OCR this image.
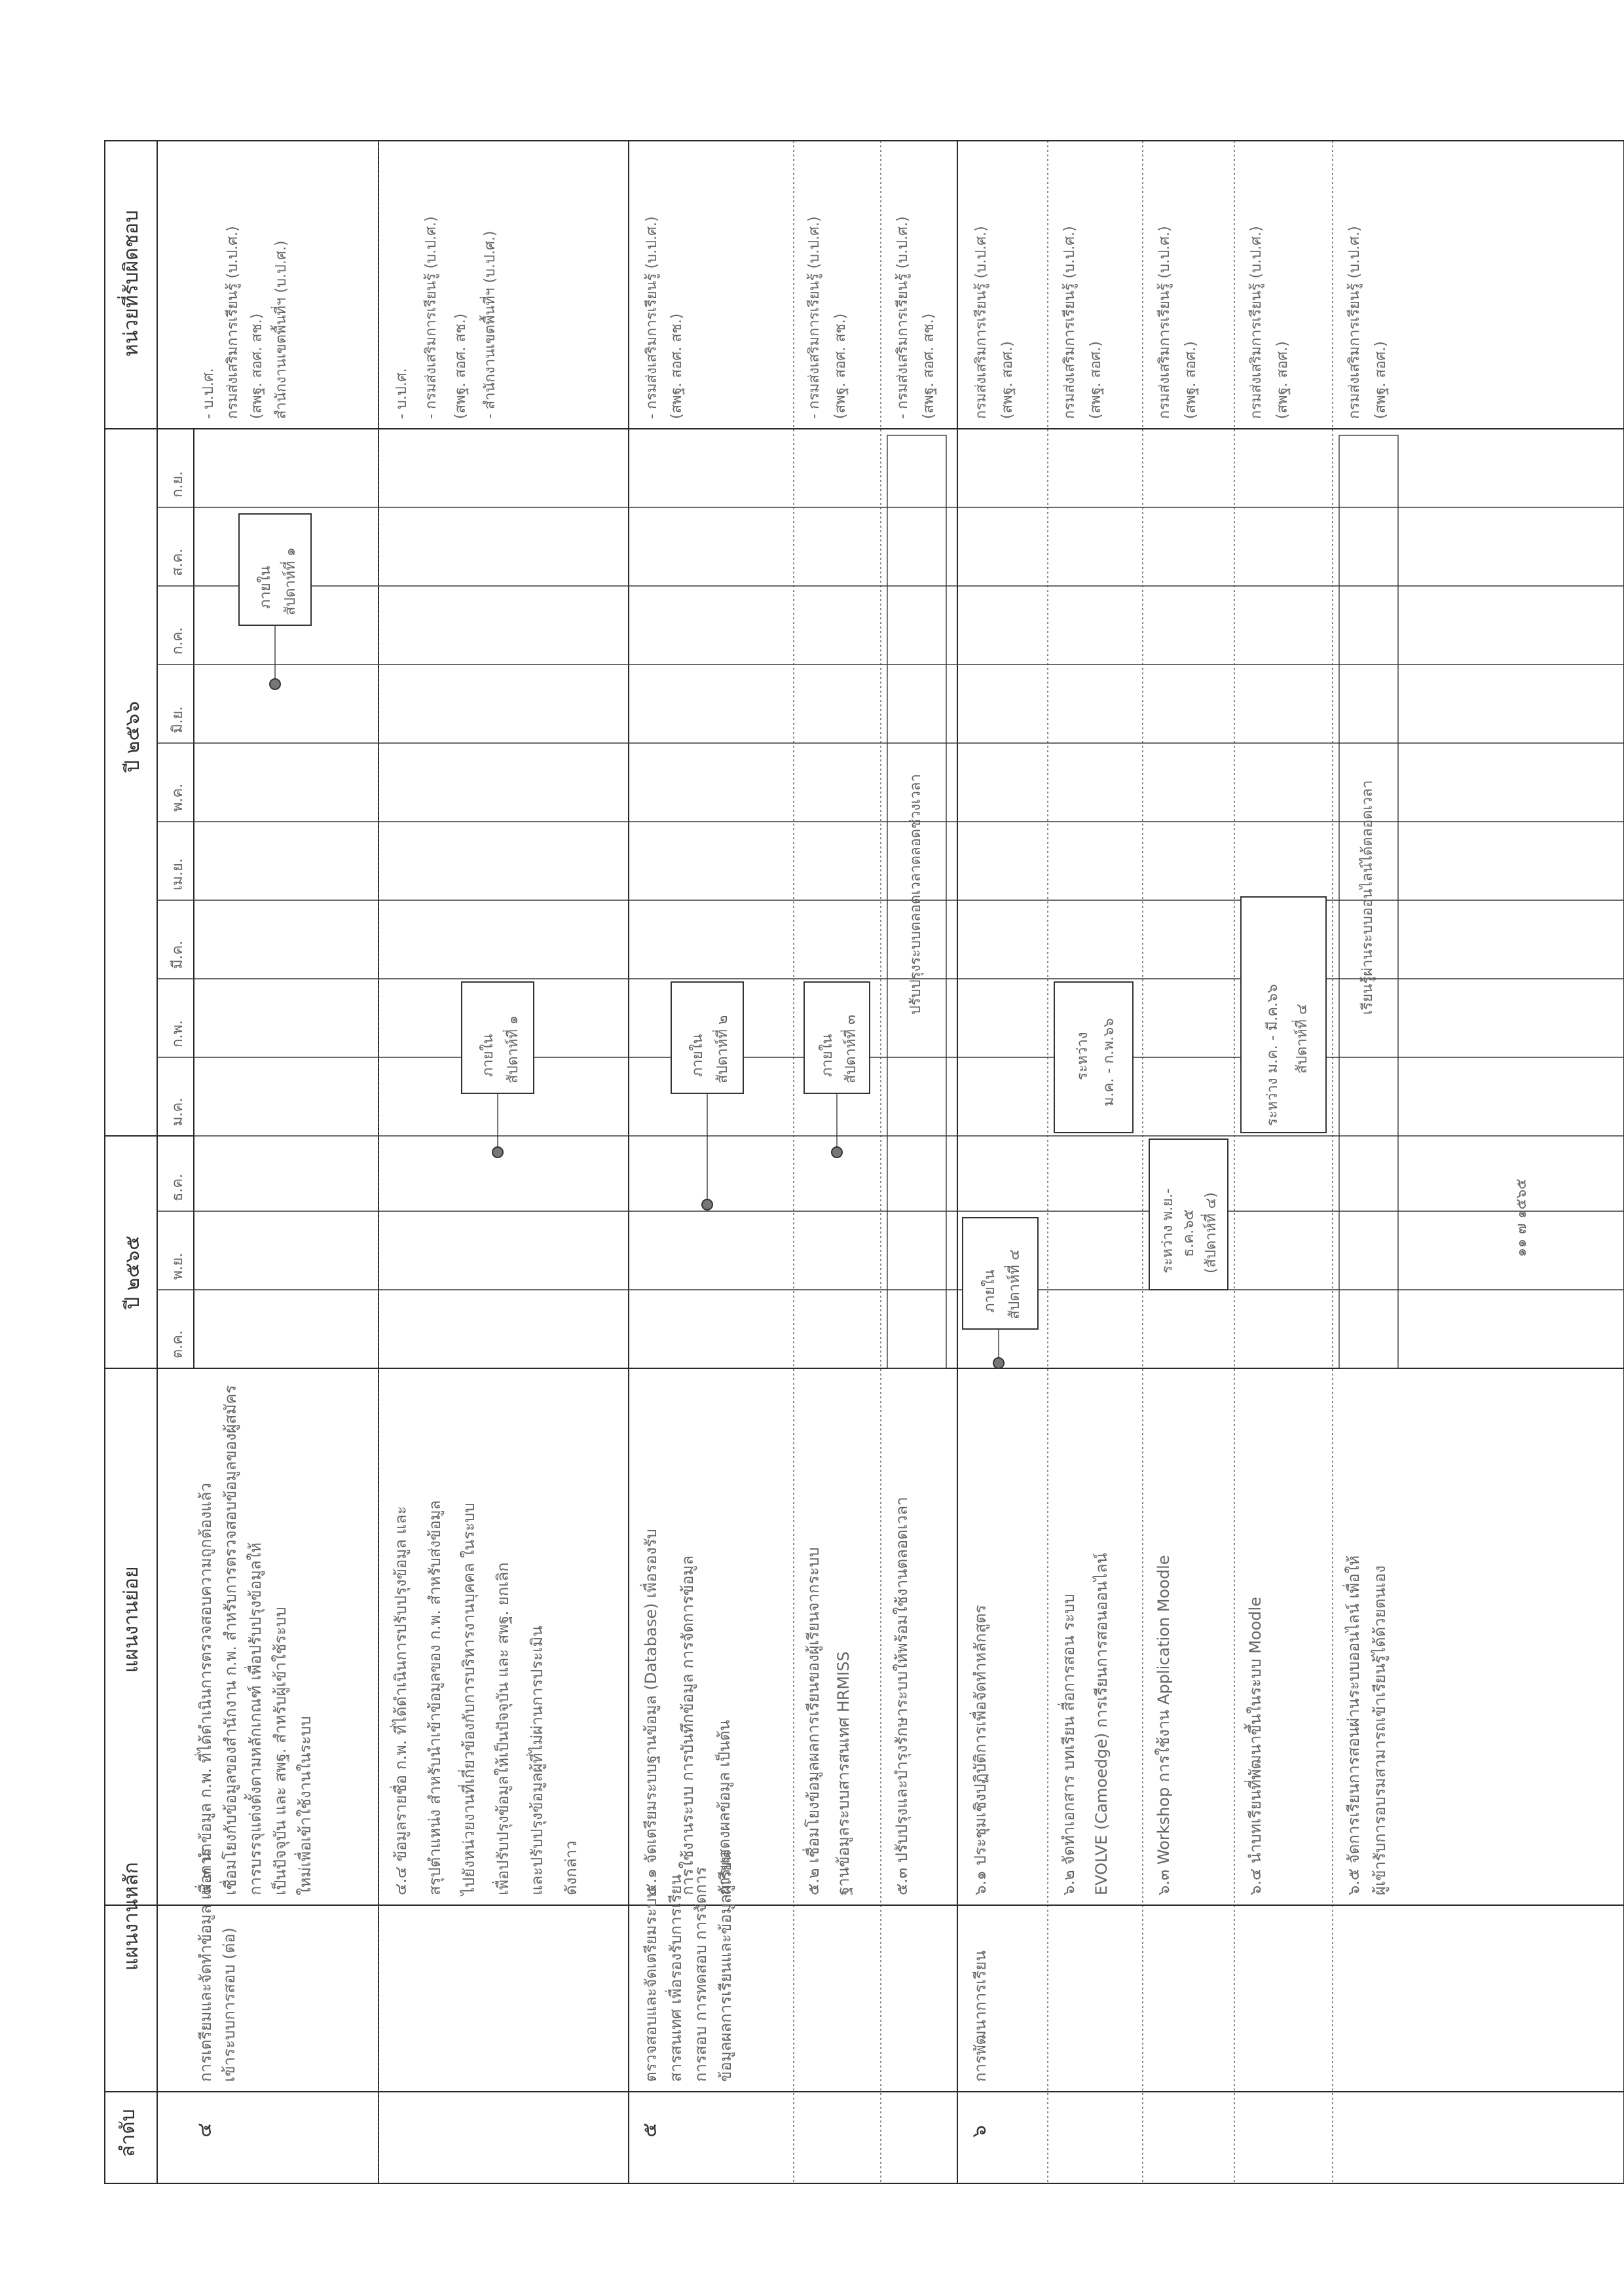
ลำดับ
แผนงานหลัก
แผนงานย่อย
ปี ๒๕๖๕
ปี ๒๕๖๖
หน่วยที่รับผิดชอบ
ต.ค.
พ.ย.
ธ.ค.
ม.ค.
ก.พ.
มี.ค.
เม.ย.
พ.ค.
มิ.ย.
ก.ค.
ส.ค.
ก.ย.
๔
การเตรียมและจัดทำข้อมูล เพื่อการ เข้าระบบการสอบ (ต่อ)
๔.๓ นำข้อมูล ก.พ. ที่ได้ดำเนินการตรวจสอบความถูกต้องแล้ว เชื่อมโยงกับข้อมูลของสำนักงาน ก.พ. สำหรับการตรวจสอบข้อมูลของผู้สมัคร การบรรจุแต่งตั้งตามหลักเกณฑ์ เพื่อปรับปรุงข้อมูลให้ เป็นปัจจุบัน และ สพฐ. สำหรับผู้เข้าใช้ระบบ ใหม่เพื่อเข้าใช้งานในระบบ
- บ.ป.ศ. กรมส่งเสริมการเรียนรู้ (บ.ป.ศ.) (สพฐ. สอศ. สช.) สำนักงานเขตพื้นที่ฯ (บ.ป.ศ.)
๔.๔ ข้อมูลรายชื่อ ก.พ. ที่ได้ดำเนินการปรับปรุงข้อมูล และ สรุปตำแหน่ง สำหรับนำเข้าข้อมูลของ ก.พ. สำหรับส่งข้อมูล ไปยังหน่วยงานที่เกี่ยวข้องกับการบริหารงานบุคคล ในระบบ เพื่อปรับปรุงข้อมูลให้เป็นปัจจุบัน และ สพฐ. ยกเลิก และปรับปรุงข้อมูลผู้ที่ไม่ผ่านการประเมิน ดังกล่าว
- บ.ป.ศ. - กรมส่งเสริมการเรียนรู้ (บ.ป.ศ.) (สพฐ. สอศ. สช.) - สำนักงานเขตพื้นที่ฯ (บ.ป.ศ.)
๕
ตรวจสอบและจัดเตรียมระบบ สารสนเทศ เพื่อรองรับการเรียน การสอบ การทดสอบ การจัดการ ข้อมูลผลการเรียนและข้อมูลผู้เรียน
๕.๑ จัดเตรียมระบบฐานข้อมูล (Database) เพื่อรองรับ การใช้งานระบบ การบันทึกข้อมูล การจัดการข้อมูล การแสดงผลข้อมูล เป็นต้น
- กรมส่งเสริมการเรียนรู้ (บ.ป.ศ.) (สพฐ. สอศ. สช.)
๕.๒ เชื่อมโยงข้อมูลผลการเรียนของผู้เรียนจากระบบ ฐานข้อมูลระบบสารสนเทศ HRMISS
- กรมส่งเสริมการเรียนรู้ (บ.ป.ศ.) (สพฐ. สอศ. สช.)
๕.๓ ปรับปรุงและบำรุงรักษาระบบให้พร้อมใช้งานตลอดเวลา
- กรมส่งเสริมการเรียนรู้ (บ.ป.ศ.) (สพฐ. สอศ. สช.)
๖
การพัฒนาการเรียน
๖.๑ ประชุมเชิงปฏิบัติการเพื่อจัดทำหลักสูตร
กรมส่งเสริมการเรียนรู้ (บ.ป.ศ.) (สพฐ. สอศ.)
๖.๒ จัดทำเอกสาร บทเรียน สื่อการสอน ระบบ EVOLVE (Camoedge) การเรียนการสอนออนไลน์
กรมส่งเสริมการเรียนรู้ (บ.ป.ศ.) (สพฐ. สอศ.)
๖.๓ Workshop การใช้งาน Application Moodle
กรมส่งเสริมการเรียนรู้ (บ.ป.ศ.) (สพฐ. สอศ.)
๖.๔ นำบทเรียนที่พัฒนาขึ้นในระบบ Moodle
กรมส่งเสริมการเรียนรู้ (บ.ป.ศ.) (สพฐ. สอศ.)
๖.๕ จัดการเรียนการสอนผ่านระบบออนไลน์ เพื่อให้ ผู้เข้ารับการอบรมสามารถเข้าเรียนรู้ได้ด้วยตนเอง
กรมส่งเสริมการเรียนรู้ (บ.ป.ศ.) (สพฐ. สอศ.)
ภายใน สัปดาห์ที่ ๑
ภายใน สัปดาห์ที่ ๑	ภายใน สัปดาห์ที่ ๒	ภายใน สัปดาห์ที่ ๓
ปรับปรุงระบบตลอดเวลาตลอดช่วงเวลา
ภายใน สัปดาห์ที่ ๔
ระหว่าง ม.ค. - ก.พ.๖๖
ระหว่าง พ.ย.- ธ.ค.๖๕ (สัปดาห์ที่ ๔)
ระหว่าง ม.ค. - มี.ค.๖๖ สัปดาห์ที่ ๔
เรียนรู้ผ่านระบบออนไลน์ได้ตลอดเวลา
๑๑ ๗ ๑๕๖๕
